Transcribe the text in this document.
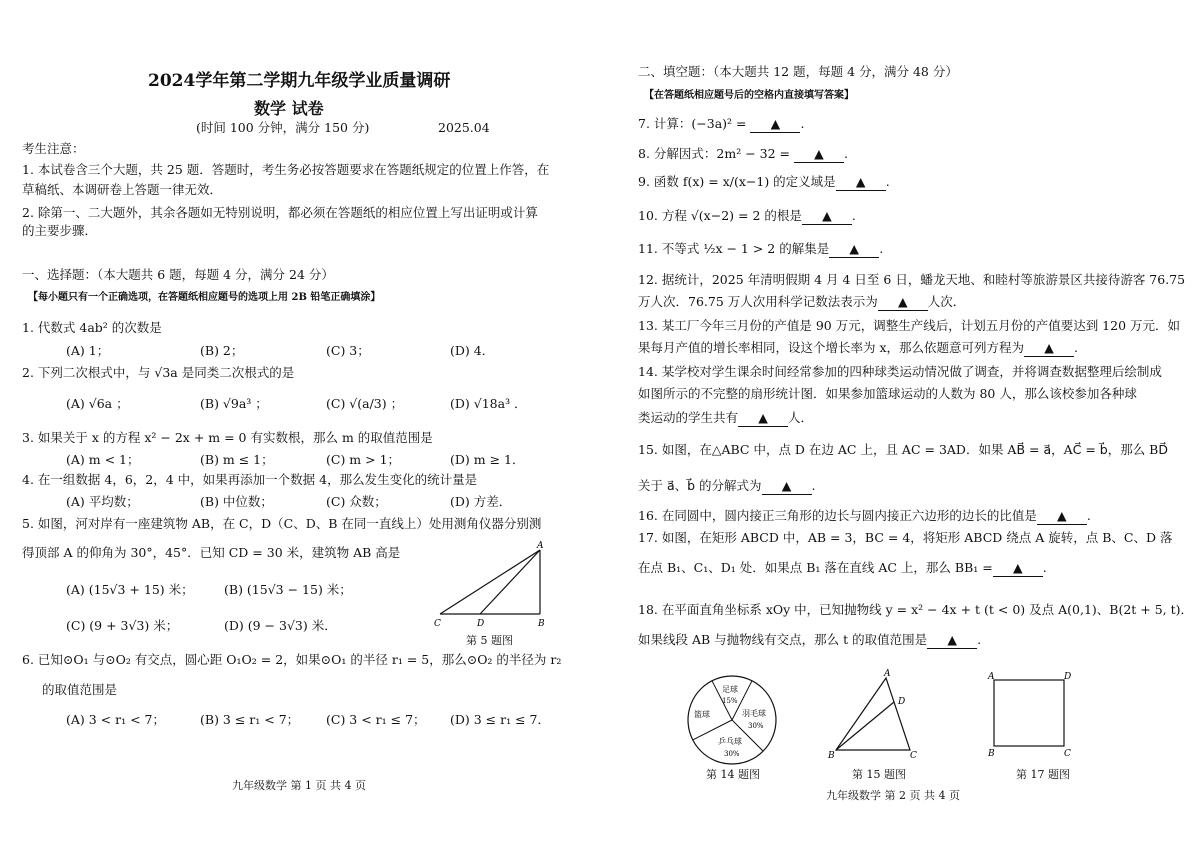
2024学年第二学期九年级学业质量调研
数学 试卷
(时间 100 分钟，满分 150 分)	2025.04
考生注意：
1. 本试卷含三个大题，共 25 题．答题时，考生务必按答题要求在答题纸规定的位置上作答，在
草稿纸、本调研卷上答题一律无效．
2. 除第一、二大题外，其余各题如无特别说明，都必须在答题纸的相应位置上写出证明或计算
的主要步骤．
一、选择题：（本大题共 6 题，每题 4 分，满分 24 分）
【每小题只有一个正确选项，在答题纸相应题号的选项上用 2B 铅笔正确填涂】
1. 代数式 4ab² 的次数是
(A) 1；	(B) 2；	(C) 3；	(D) 4．
2. 下列二次根式中，与 √3a 是同类二次根式的是
(A) √6a ；	(B) √9a³ ；	(C) √(a/3) ；	(D) √18a³ ．
3. 如果关于 x 的方程 x² − 2x + m = 0 有实数根，那么 m 的取值范围是
(A) m < 1；	(B) m ≤ 1；	(C) m > 1；	(D) m ≥ 1．
4. 在一组数据 4，6，2，4 中，如果再添加一个数据 4，那么发生变化的统计量是
(A) 平均数；	(B) 中位数；	(C) 众数；	(D) 方差．
5. 如图，河对岸有一座建筑物 AB，在 C，D（C、D、B 在同一直线上）处用测角仪器分别测
得顶部 A 的仰角为 30°，45°．已知 CD = 30 米，建筑物 AB 高是
(A) (15√3 + 15) 米； (B) (15√3 − 15) 米；
(C) (9 + 3√3) 米；	(D) (9 − 3√3) 米．
A
C	D	B
第 5 题图
6. 已知⊙O₁ 与⊙O₂ 有交点，圆心距 O₁O₂ = 2，如果⊙O₁ 的半径 r₁ = 5，那么⊙O₂ 的半径为 r₂
的取值范围是
(A) 3 < r₁ < 7；	(B) 3 ≤ r₁ < 7； (C) 3 < r₁ ≤ 7； (D) 3 ≤ r₁ ≤ 7．
九年级数学 第 1 页 共 4 页
二、填空题：（本大题共 12 题，每题 4 分，满分 48 分）
【在答题纸相应题号后的空格内直接填写答案】
7. 计算：(−3a)² = ▲ .
8. 分解因式：2m² − 32 = ▲ .
9. 函数 f(x) = x/(x−1) 的定义域是 ▲ .
10. 方程 √(x−2) = 2 的根是 ▲ .
11. 不等式 ½x − 1 > 2 的解集是 ▲ .
12. 据统计，2025 年清明假期 4 月 4 日至 6 日，蟠龙天地、和睦村等旅游景区共接待游客 76.75
万人次．76.75 万人次用科学记数法表示为 ▲ 人次．
13. 某工厂今年三月份的产值是 90 万元，调整生产线后，计划五月份的产值要达到 120 万元．如
果每月产值的增长率相同，设这个增长率为 x，那么依题意可列方程为 ▲ .
14. 某学校对学生课余时间经常参加的四种球类运动情况做了调查，并将调查数据整理后绘制成
如图所示的不完整的扇形统计图．如果参加篮球运动的人数为 80 人，那么该校参加各种球
类运动的学生共有 ▲ 人．
15. 如图，在△ABC 中，点 D 在边 AC 上，且 AC = 3AD．如果 AB⃗ = a⃗，AC⃗ = b⃗，那么 BD⃗
关于 a⃗、b⃗ 的分解式为 ▲ .
16. 在同圆中，圆内接正三角形的边长与圆内接正六边形的边长的比值是 ▲ .
17. 如图，在矩形 ABCD 中，AB = 3，BC = 4，将矩形 ABCD 绕点 A 旋转，点 B、C、D 落
在点 B₁、C₁、D₁ 处．如果点 B₁ 落在直线 AC 上，那么 BB₁ = ▲ .
18. 在平面直角坐标系 xOy 中，已知抛物线 y = x² − 4x + t (t < 0) 及点 A(0,1)、B(2t + 5, t)．
如果线段 AB 与抛物线有交点，那么 t 的取值范围是 ▲ .
足球
15%
羽毛球
30%
乒乓球
30%
篮球
第 14 题图
A
D
B	C
第 15 题图
A	D
B	C
第 17 题图
九年级数学 第 2 页 共 4 页
